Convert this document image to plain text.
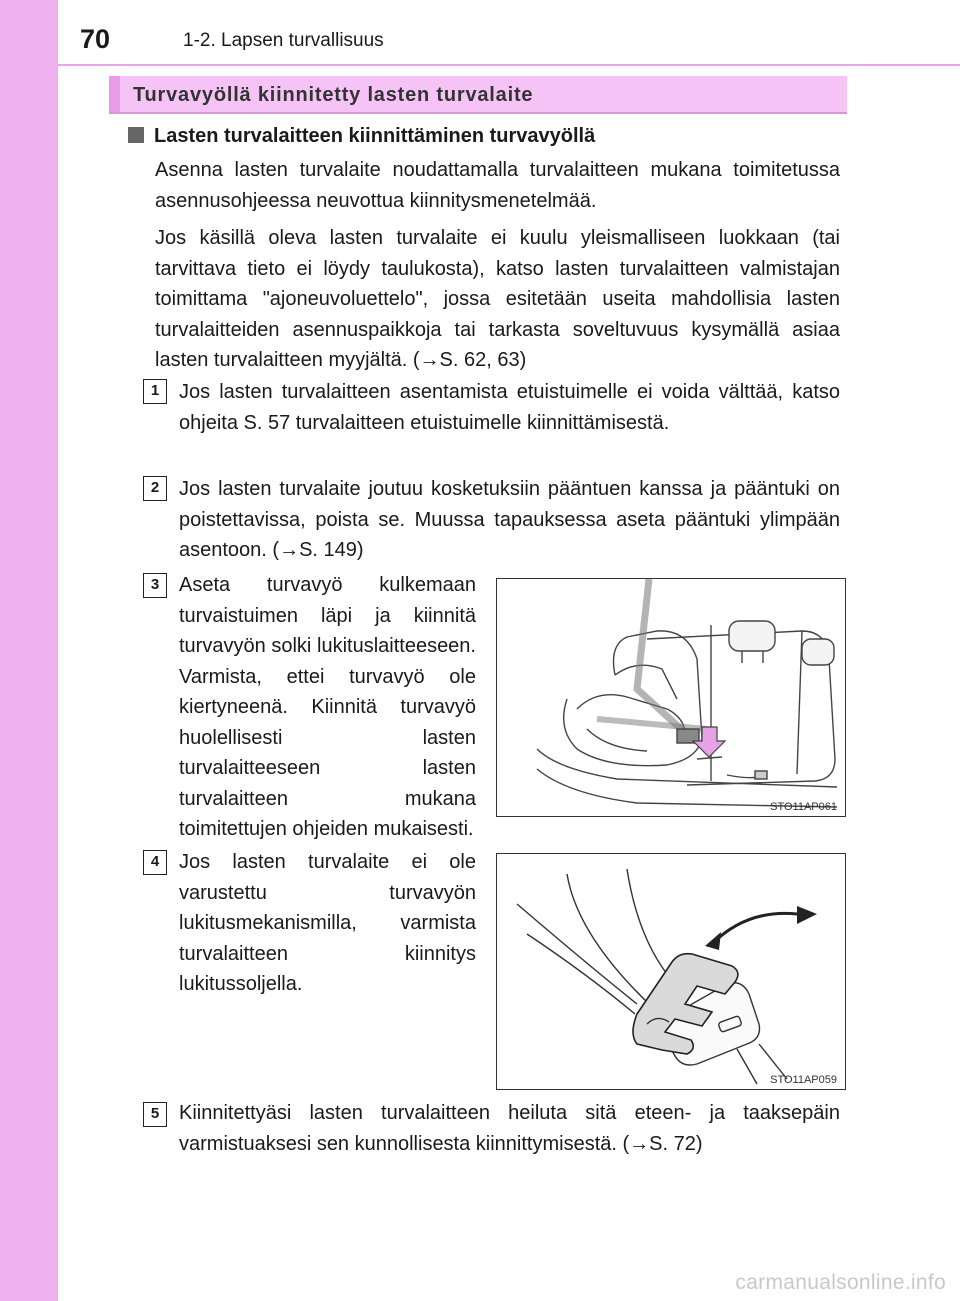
70	1-2. Lapsen turvallisuus
Turvavyöllä kiinnitetty lasten turvalaite
Lasten turvalaitteen kiinnittäminen turvavyöllä

Asenna lasten turvalaite noudattamalla turvalaitteen mukana toimitetussa asennusohjeessa neuvottua kiinnitysmenetelmää.

Jos käsillä oleva lasten turvalaite ei kuulu yleismalliseen luokkaan (tai tarvittava tieto ei löydy taulukosta), katso lasten turvalaitteen valmistajan toimittama "ajoneuvoluettelo", jossa esitetään useita mahdollisia lasten turvalaitteiden asennuspaikkoja tai tarkasta soveltuvuus kysymällä asiaa lasten turvalaitteen myyjältä. (→S. 62, 63)

1 Jos lasten turvalaitteen asentamista etuistuimelle ei voida välttää, katso ohjeita S. 57 turvalaitteen etuistuimelle kiinnittämisestä.

2 Jos lasten turvalaite joutuu kosketuksiin pääntuen kanssa ja pääntuki on poistettavissa, poista se. Muussa tapauksessa aseta pääntuki ylimpään asentoon. (→S. 149)

3 Aseta turvavyö kulkemaan turvaistuimen läpi ja kiinnitä turvavyön solki lukituslaitteeseen. Varmista, ettei turvavyö ole kiertyneenä. Kiinnitä turvavyö huolellisesti lasten turvalaitteeseen lasten turvalaitteen mukana toimitettujen ohjeiden mukaisesti.

STO11AP061
4 Jos lasten turvalaite ei ole varustettu turvavyön lukitusmekanismilla, varmista turvalaitteen kiinnitys lukitussoljella.

STO11AP059
5 Kiinnitettyäsi lasten turvalaitteen heiluta sitä eteen- ja taaksepäin varmistuaksesi sen kunnollisesta kiinnittymisestä. (→S. 72)

carmanualsonline.info
